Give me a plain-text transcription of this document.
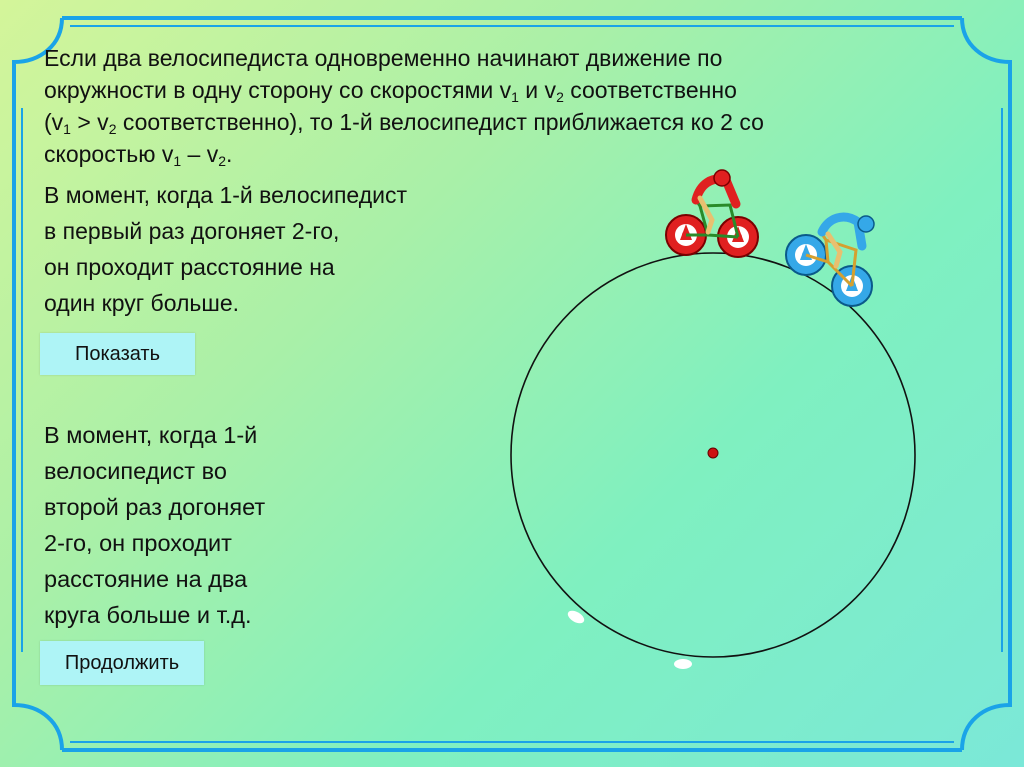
Если два велосипедиста одновременно начинают движение по
окружности в одну сторону со скоростями $v_1$ и $v_2$ соответственно
($v_1 > v_2$ соответственно), то 1-й велосипедист приближается ко 2 со
скоростью $v_1 - v_2$.

В момент, когда 1-й велосипедист
в первый раз догоняет 2-го,
он проходит расстояние на
один круг больше.

Показать

В момент, когда 1-й
велосипедист во
второй раз догоняет
2-го, он проходит
расстояние на два
круга больше и т.д.

Продолжить
